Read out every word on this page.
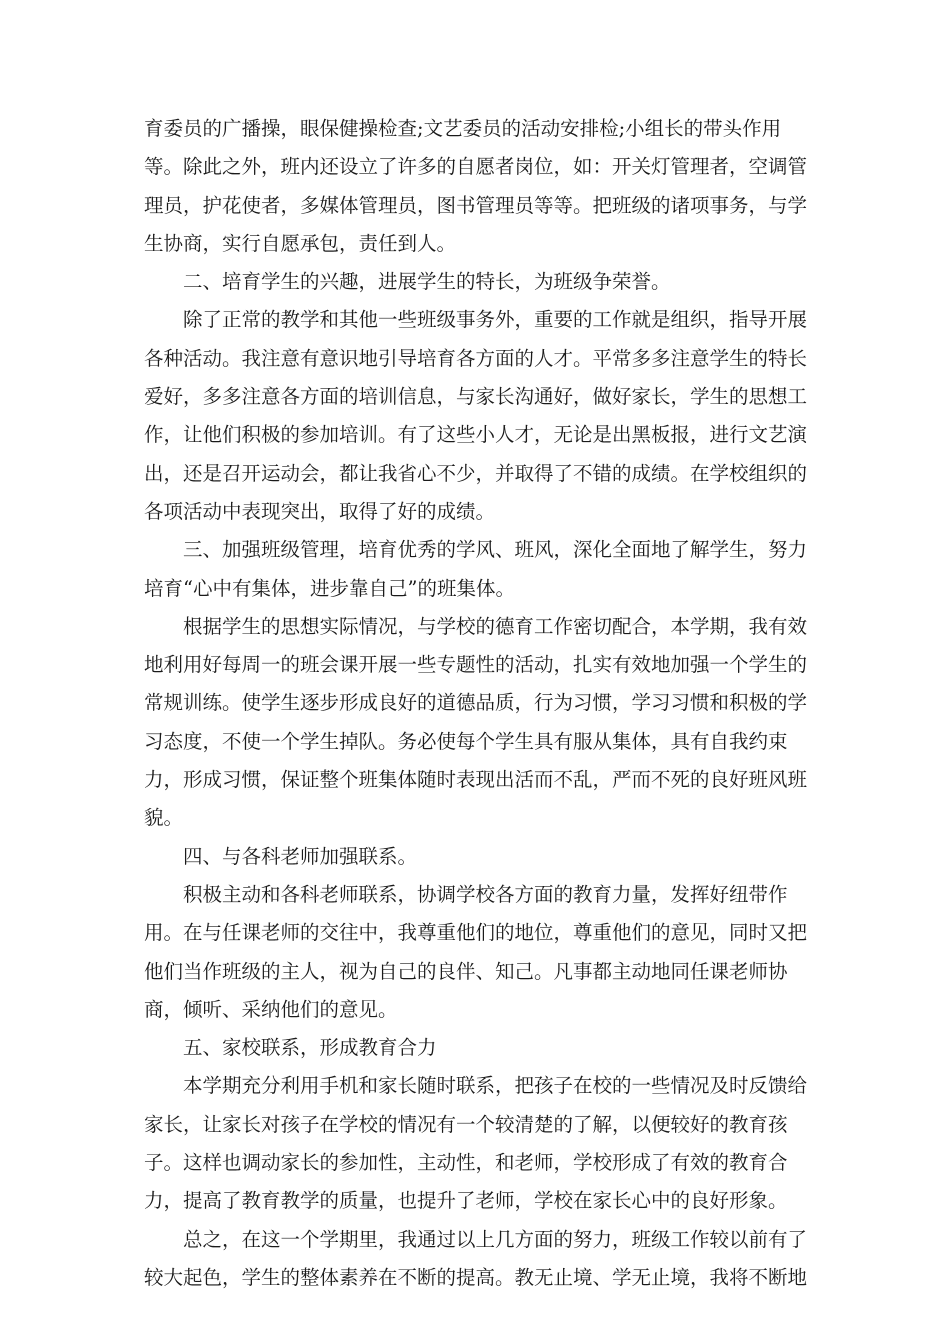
育委员的广播操，眼保健操检查;文艺委员的活动安排检;小组长的带头作用等。除此之外，班内还设立了许多的自愿者岗位，如：开关灯管理者，空调管理员，护花使者，多媒体管理员，图书管理员等等。把班级的诸项事务，与学生协商，实行自愿承包，责任到人。

二、培育学生的兴趣，进展学生的特长，为班级争荣誉。

除了正常的教学和其他一些班级事务外，重要的工作就是组织，指导开展各种活动。我注意有意识地引导培育各方面的人才。平常多多注意学生的特长爱好，多多注意各方面的培训信息，与家长沟通好，做好家长，学生的思想工作，让他们积极的参加培训。有了这些小人才，无论是出黑板报，进行文艺演出，还是召开运动会，都让我省心不少，并取得了不错的成绩。在学校组织的各项活动中表现突出，取得了好的成绩。

三、加强班级管理，培育优秀的学风、班风，深化全面地了解学生，努力培育“心中有集体，进步靠自己”的班集体。

根据学生的思想实际情况，与学校的德育工作密切配合，本学期，我有效地利用好每周一的班会课开展一些专题性的活动，扎实有效地加强一个学生的常规训练。使学生逐步形成良好的道德品质，行为习惯，学习习惯和积极的学习态度，不使一个学生掉队。务必使每个学生具有服从集体，具有自我约束力，形成习惯，保证整个班集体随时表现出活而不乱，严而不死的良好班风班貌。

四、与各科老师加强联系。

积极主动和各科老师联系，协调学校各方面的教育力量，发挥好纽带作用。在与任课老师的交往中，我尊重他们的地位，尊重他们的意见，同时又把他们当作班级的主人，视为自己的良伴、知己。凡事都主动地同任课老师协商，倾听、采纳他们的意见。

五、家校联系，形成教育合力

本学期充分利用手机和家长随时联系，把孩子在校的一些情况及时反馈给家长，让家长对孩子在学校的情况有一个较清楚的了解，以便较好的教育孩子。这样也调动家长的参加性，主动性，和老师，学校形成了有效的教育合力，提高了教育教学的质量，也提升了老师，学校在家长心中的良好形象。

总之，在这一个学期里，我通过以上几方面的努力，班级工作较以前有了较大起色，学生的整体素养在不断的提高。教无止境、学无止境，我将不断地
